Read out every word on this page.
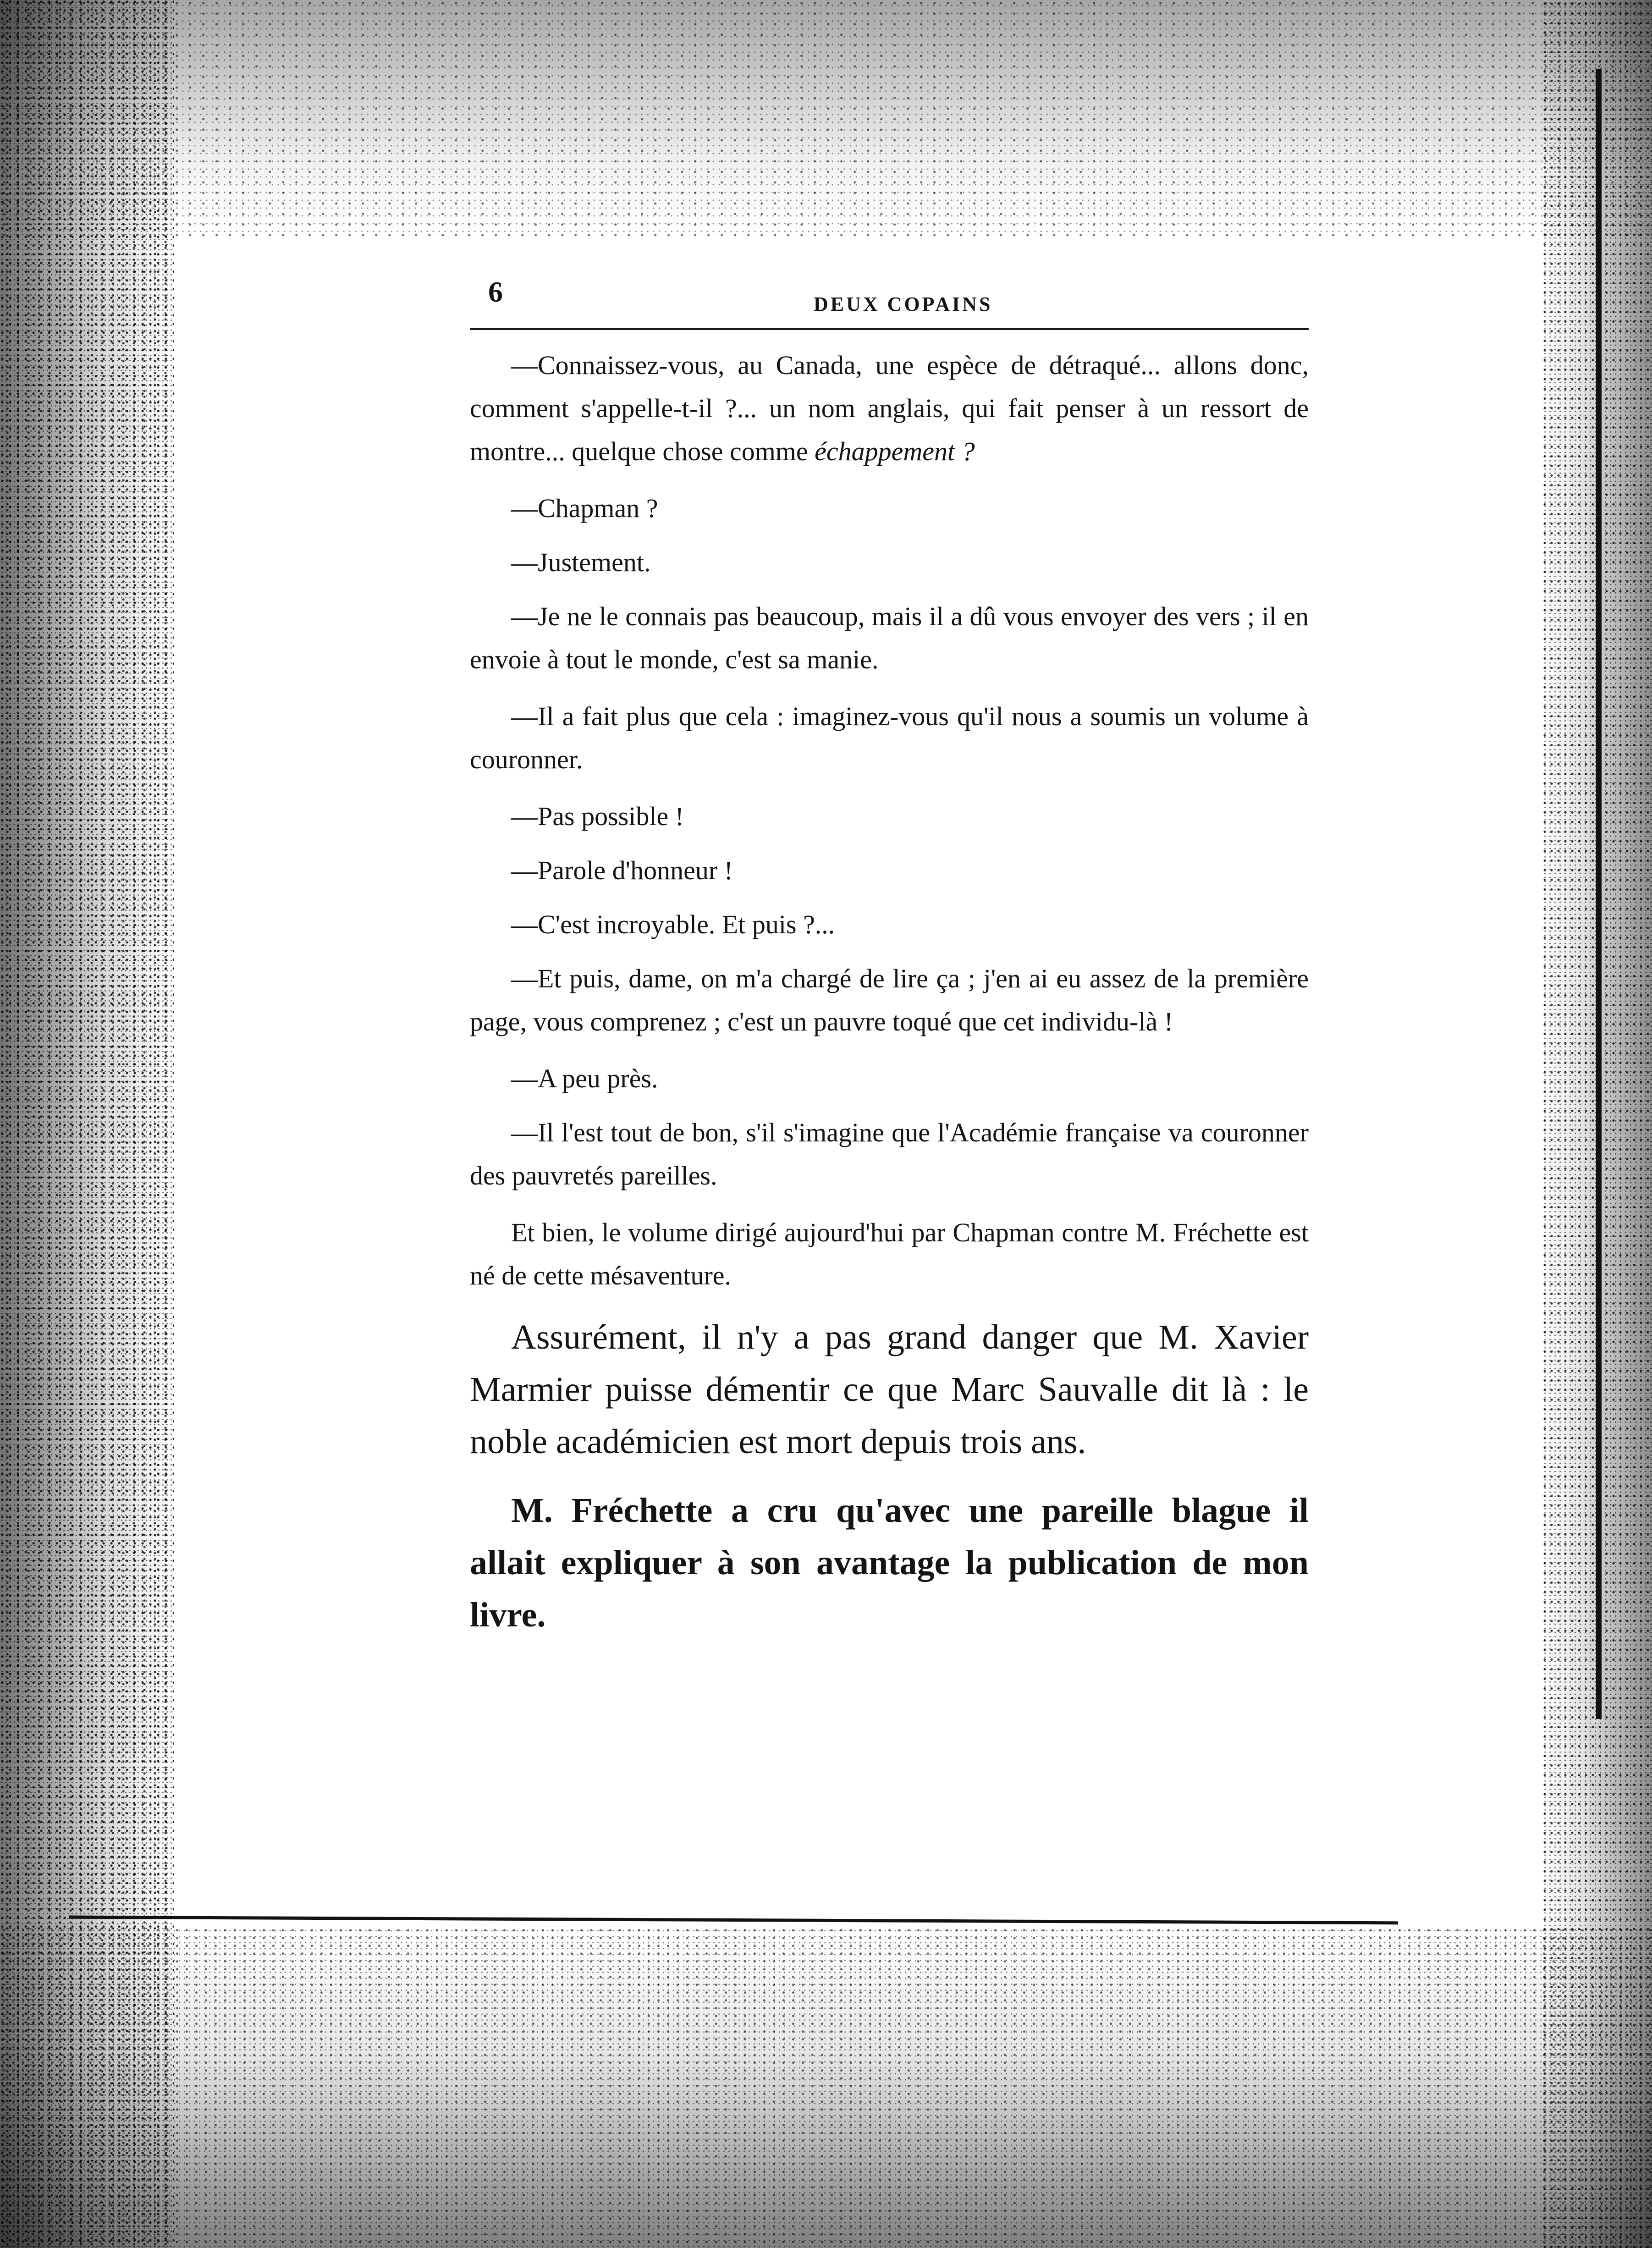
6	DEUX COPAINS

—Connaissez-vous, au Canada, une espèce de détraqué... allons donc, comment s'appelle-t-il ?... un nom anglais, qui fait penser à un ressort de montre... quelque chose comme échappement ?

—Chapman ?

—Justement.

—Je ne le connais pas beaucoup, mais il a dû vous envoyer des vers ; il en envoie à tout le monde, c'est sa manie.

—Il a fait plus que cela : imaginez-vous qu'il nous a soumis un volume à couronner.

—Pas possible !

—Parole d'honneur !

—C'est incroyable. Et puis ?...

—Et puis, dame, on m'a chargé de lire ça ; j'en ai eu assez de la première page, vous comprenez ; c'est un pauvre toqué que cet individu-là !

—A peu près.

—Il l'est tout de bon, s'il s'imagine que l'Académie française va couronner des pauvretés pareilles.

Et bien, le volume dirigé aujourd'hui par Chapman contre M. Fréchette est né de cette mésaventure.

Assurément, il n'y a pas grand danger que M. Xavier Marmier puisse démentir ce que Marc Sauvalle dit là : le noble académicien est mort depuis trois ans.

M. Fréchette a cru qu'avec une pareille blague il allait expliquer à son avantage la publication de mon livre.
